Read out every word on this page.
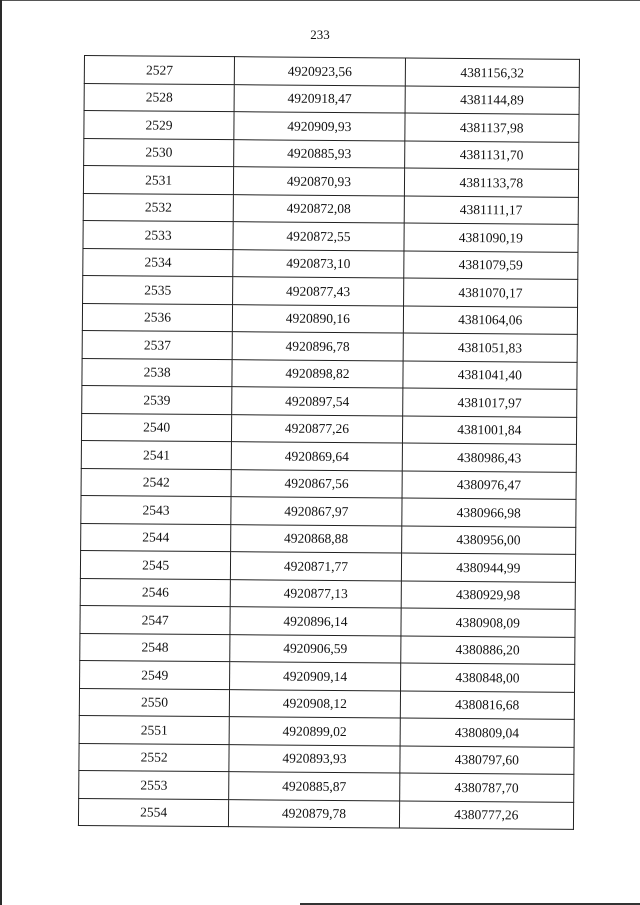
233
2527	4920923,56	4381156,32
2528	4920918,47	4381144,89
2529	4920909,93	4381137,98
2530	4920885,93	4381131,70
2531	4920870,93	4381133,78
2532	4920872,08	4381111,17
2533	4920872,55	4381090,19
2534	4920873,10	4381079,59
2535	4920877,43	4381070,17
2536	4920890,16	4381064,06
2537	4920896,78	4381051,83
2538	4920898,82	4381041,40
2539	4920897,54	4381017,97
2540	4920877,26	4381001,84
2541	4920869,64	4380986,43
2542	4920867,56	4380976,47
2543	4920867,97	4380966,98
2544	4920868,88	4380956,00
2545	4920871,77	4380944,99
2546	4920877,13	4380929,98
2547	4920896,14	4380908,09
2548	4920906,59	4380886,20
2549	4920909,14	4380848,00
2550	4920908,12	4380816,68
2551	4920899,02	4380809,04
2552	4920893,93	4380797,60
2553	4920885,87	4380787,70
2554	4920879,78	4380777,26
